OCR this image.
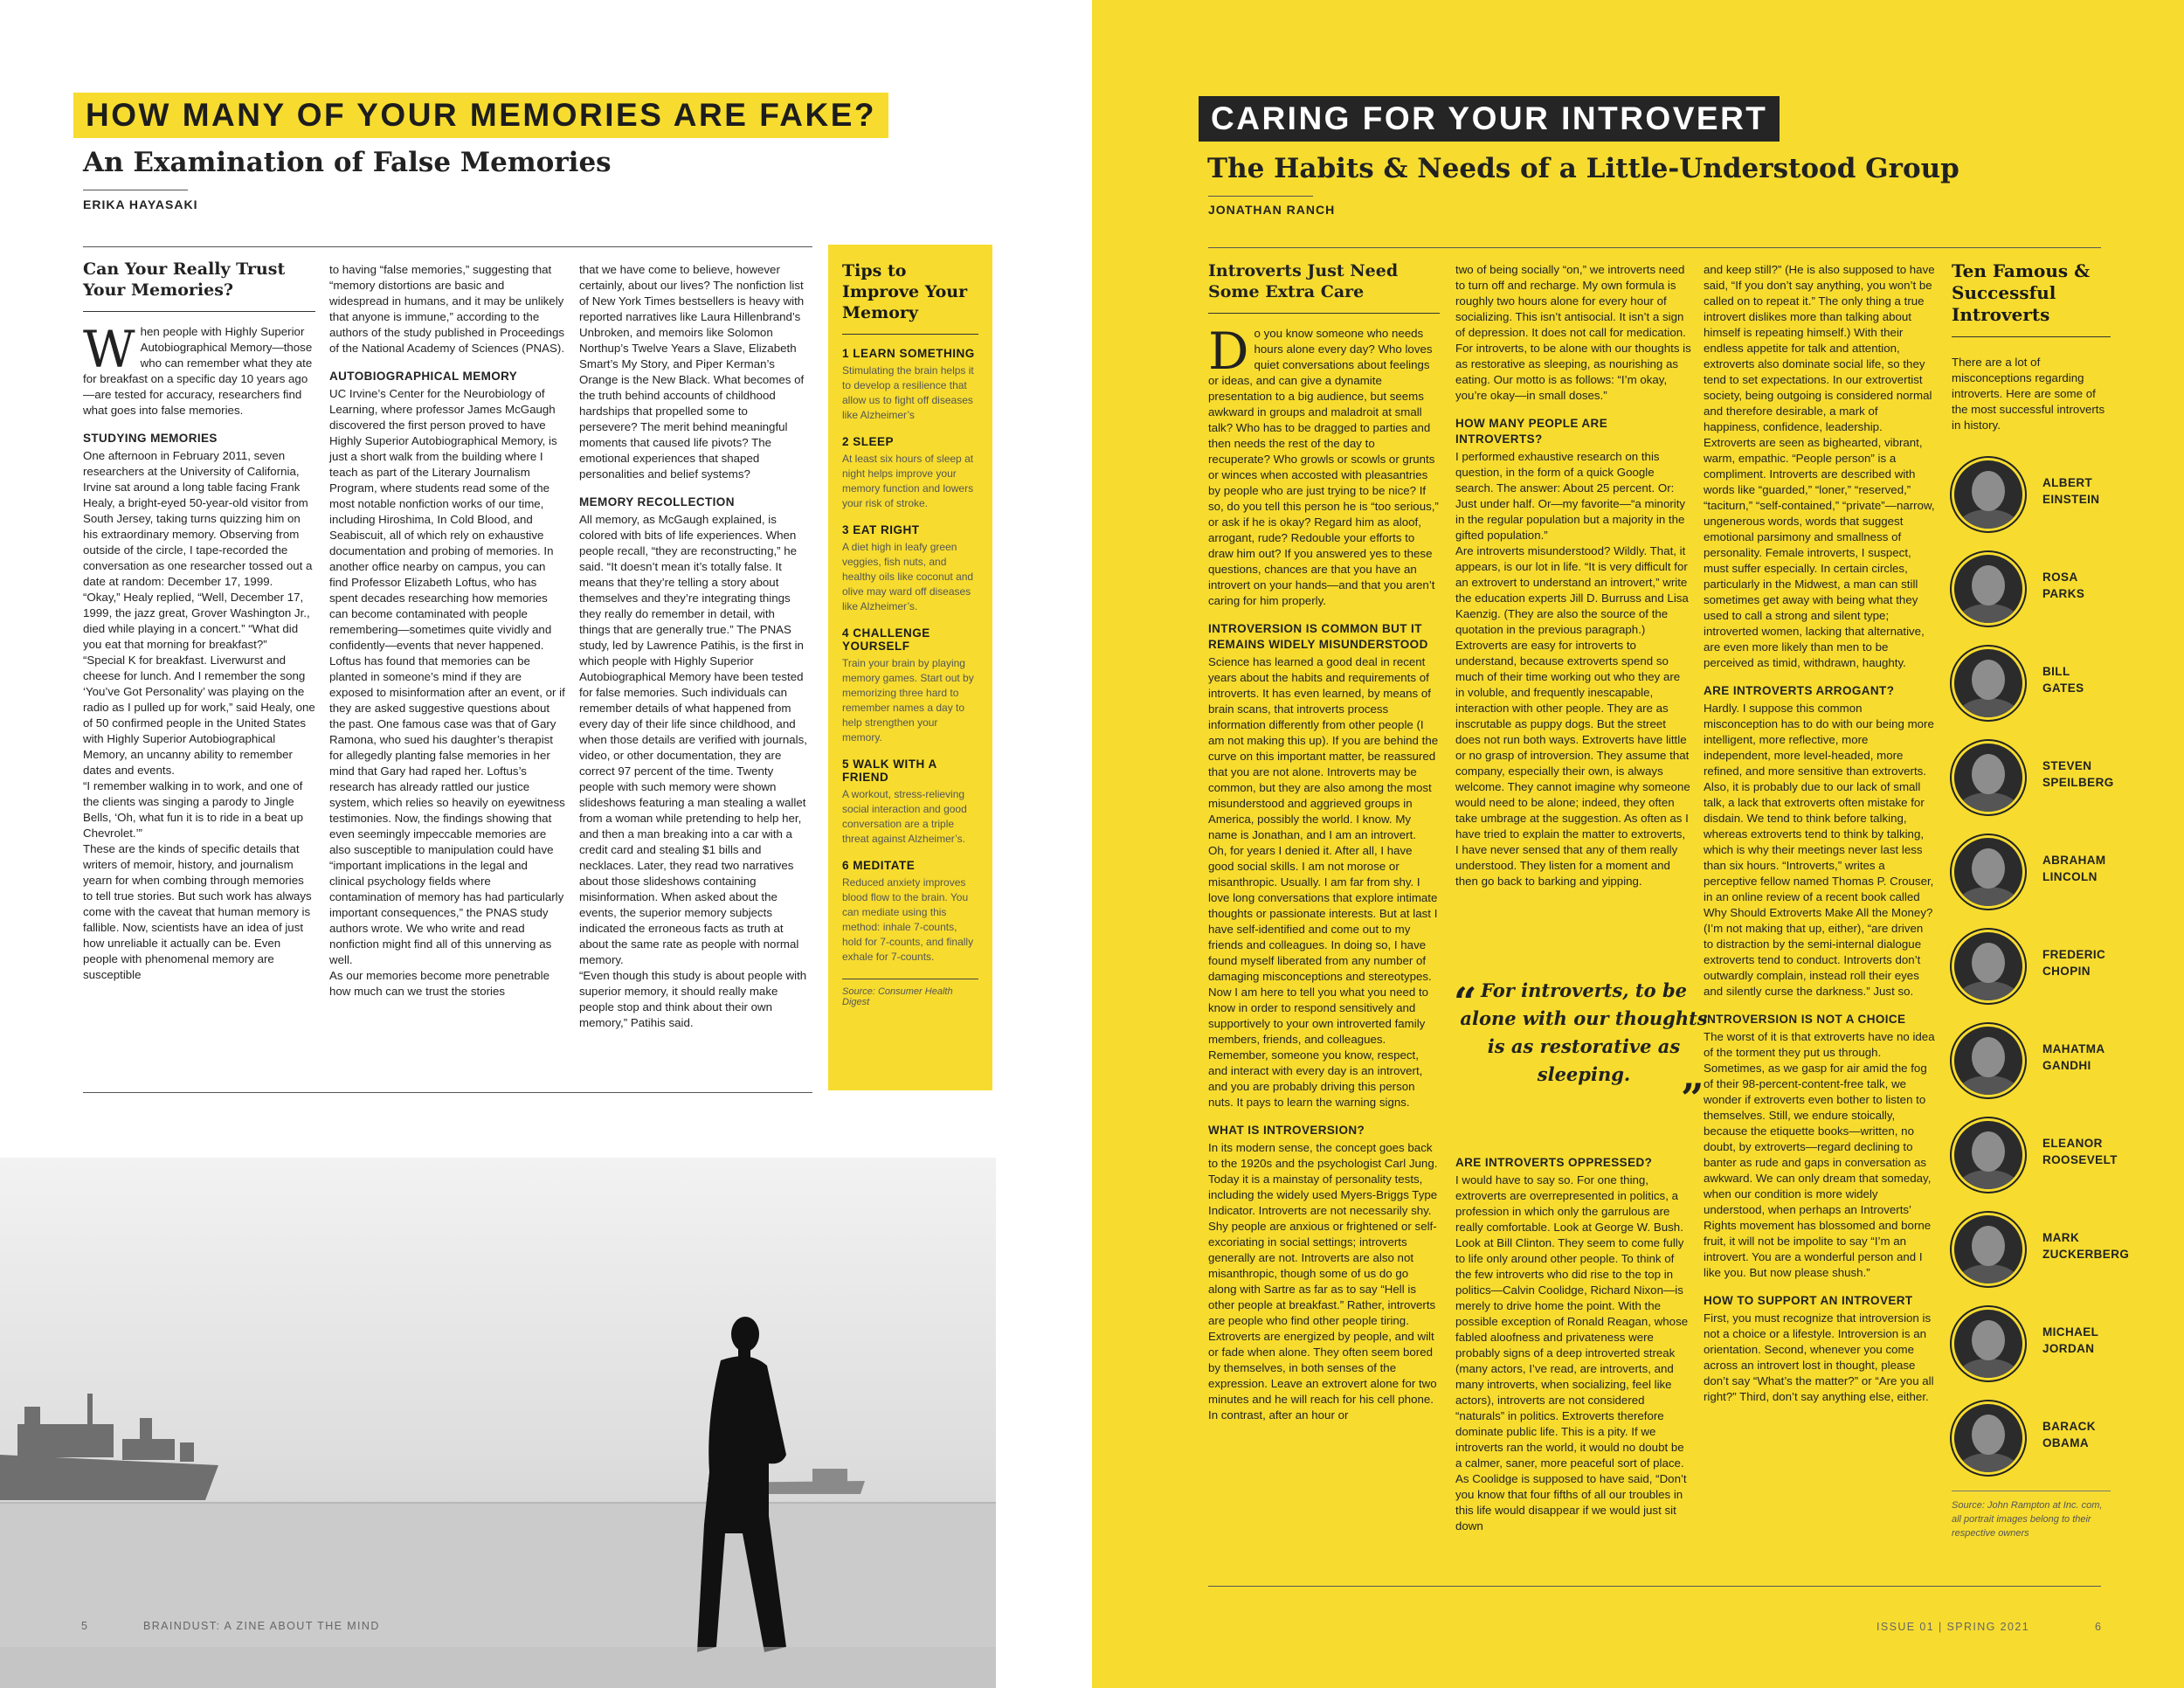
HOW MANY OF YOUR MEMORIES ARE FAKE?
An Examination of False Memories
ERIKA HAYASAKI
Can Your Really Trust Your Memories?

When people with Highly Superior Autobiographical Memory—those who can remember what they ate for breakfast on a specific day 10 years ago—are tested for accuracy, researchers find what goes into false memories.

STUDYING MEMORIES

One afternoon in February 2011, seven researchers at the University of California, Irvine sat around a long table facing Frank Healy, a bright-eyed 50-year-old visitor from South Jersey, taking turns quizzing him on his extraordinary memory. Observing from outside of the circle, I tape-recorded the conversation as one researcher tossed out a date at random: December 17, 1999.

“Okay,” Healy replied, “Well, December 17, 1999, the jazz great, Grover Washington Jr., died while playing in a concert.” “What did you eat that morning for breakfast?”

“Special K for breakfast. Liverwurst and cheese for lunch. And I remember the song ‘You’ve Got Personality’ was playing on the radio as I pulled up for work,” said Healy, one of 50 confirmed people in the United States with Highly Superior Autobiographical Memory, an uncanny ability to remember dates and events.

“I remember walking in to work, and one of the clients was singing a parody to Jingle Bells, ‘Oh, what fun it is to ride in a beat up Chevrolet.’”

These are the kinds of specific details that writers of memoir, history, and journalism yearn for when combing through memories to tell true stories. But such work has always come with the caveat that human memory is fallible. Now, scientists have an idea of just how unreliable it actually can be. Even people with phenomenal memory are susceptible

to having “false memories,” suggesting that “memory distortions are basic and widespread in humans, and it may be unlikely that anyone is immune,” according to the authors of the study published in Proceedings of the National Academy of Sciences (PNAS).

AUTOBIOGRAPHICAL MEMORY

UC Irvine’s Center for the Neurobiology of Learning, where professor James McGaugh discovered the first person proved to have Highly Superior Autobiographical Memory, is just a short walk from the building where I teach as part of the Literary Journalism Program, where students read some of the most notable nonfiction works of our time, including Hiroshima, In Cold Blood, and Seabiscuit, all of which rely on exhaustive documentation and probing of memories. In another office nearby on campus, you can find Professor Elizabeth Loftus, who has spent decades researching how memories can become contaminated with people remembering—sometimes quite vividly and confidently—events that never happened. Loftus has found that memories can be planted in someone’s mind if they are exposed to misinformation after an event, or if they are asked suggestive questions about the past. One famous case was that of Gary Ramona, who sued his daughter’s therapist for allegedly planting false memories in her mind that Gary had raped her. Loftus’s research has already rattled our justice system, which relies so heavily on eyewitness testimonies. Now, the findings showing that even seemingly impeccable memories are also susceptible to manipulation could have “important implications in the legal and clinical psychology fields where contamination of memory has had particularly important consequences,” the PNAS study authors wrote. We who write and read nonfiction might find all of this unnerving as well.

As our memories become more penetrable how much can we trust the stories

that we have come to believe, however certainly, about our lives? The nonfiction list of New York Times bestsellers is heavy with reported narratives like Laura Hillenbrand’s Unbroken, and memoirs like Solomon Northup’s Twelve Years a Slave, Elizabeth Smart’s My Story, and Piper Kerman’s Orange is the New Black. What becomes of the truth behind accounts of childhood hardships that propelled some to persevere? The merit behind meaningful moments that caused life pivots? The emotional experiences that shaped personalities and belief systems?

MEMORY RECOLLECTION

All memory, as McGaugh explained, is colored with bits of life experiences. When people recall, “they are reconstructing,” he said. “It doesn’t mean it’s totally false. It means that they’re telling a story about themselves and they’re integrating things they really do remember in detail, with things that are generally true.” The PNAS study, led by Lawrence Patihis, is the first in which people with Highly Superior Autobiographical Memory have been tested for false memories. Such individuals can remember details of what happened from every day of their life since childhood, and when those details are verified with journals, video, or other documentation, they are correct 97 percent of the time. Twenty people with such memory were shown slideshows featuring a man stealing a wallet from a woman while pretending to help her, and then a man breaking into a car with a credit card and stealing $1 bills and necklaces. Later, they read two narratives about those slideshows containing misinformation. When asked about the events, the superior memory subjects indicated the erroneous facts as truth at about the same rate as people with normal memory.

“Even though this study is about people with superior memory, it should really make people stop and think about their own memory,” Patihis said.

Tips to Improve Your Memory
1 LEARN SOMETHING
Stimulating the brain helps it to develop a resilience that allow us to fight off diseases like Alzheimer’s
2 SLEEP
At least six hours of sleep at night helps improve your memory function and lowers your risk of stroke.
3 EAT RIGHT
A diet high in leafy green veggies, fish nuts, and healthy oils like coconut and olive may ward off diseases like Alzheimer’s.
4 CHALLENGE YOURSELF
Train your brain by playing memory games. Start out by memorizing three hard to remember names a day to help strengthen your memory.
5 WALK WITH A FRIEND
A workout, stress-relieving social interaction and good conversation are a triple threat against Alzheimer’s.
6 MEDITATE
Reduced anxiety improves blood flow to the brain. You can mediate using this method: inhale 7-counts, hold for 7-counts, and finally exhale for 7-counts.
Source: Consumer Health Digest
5	BRAINDUST: A ZINE ABOUT THE MIND
CARING FOR YOUR INTROVERT
The Habits & Needs of a Little-Understood Group
JONATHAN RANCH
Introverts Just Need Some Extra Care

Do you know someone who needs hours alone every day? Who loves quiet conversations about feelings or ideas, and can give a dynamite presentation to a big audience, but seems awkward in groups and maladroit at small talk? Who has to be dragged to parties and then needs the rest of the day to recuperate? Who growls or scowls or grunts or winces when accosted with pleasantries by people who are just trying to be nice? If so, do you tell this person he is “too serious,” or ask if he is okay? Regard him as aloof, arrogant, rude? Redouble your efforts to draw him out? If you answered yes to these questions, chances are that you have an introvert on your hands—and that you aren’t caring for him properly.

INTROVERSION IS COMMON BUT IT REMAINS WIDELY MISUNDERSTOOD

Science has learned a good deal in recent years about the habits and requirements of introverts. It has even learned, by means of brain scans, that introverts process information differently from other people (I am not making this up). If you are behind the curve on this important matter, be reassured that you are not alone. Introverts may be common, but they are also among the most misunderstood and aggrieved groups in America, possibly the world. I know. My name is Jonathan, and I am an introvert.

Oh, for years I denied it. After all, I have good social skills. I am not morose or misanthropic. Usually. I am far from shy. I love long conversations that explore intimate thoughts or passionate interests. But at last I have self-identified and come out to my friends and colleagues. In doing so, I have found myself liberated from any number of damaging misconceptions and stereotypes. Now I am here to tell you what you need to know in order to respond sensitively and supportively to your own introverted family members, friends, and colleagues. Remember, someone you know, respect, and interact with every day is an introvert, and you are probably driving this person nuts. It pays to learn the warning signs.

WHAT IS INTROVERSION?

In its modern sense, the concept goes back to the 1920s and the psychologist Carl Jung. Today it is a mainstay of personality tests, including the widely used Myers-Briggs Type Indicator. Introverts are not necessarily shy. Shy people are anxious or frightened or self-excoriating in social settings; introverts generally are not. Introverts are also not misanthropic, though some of us do go along with Sartre as far as to say “Hell is other people at breakfast.” Rather, introverts are people who find other people tiring. Extroverts are energized by people, and wilt or fade when alone. They often seem bored by themselves, in both senses of the expression. Leave an extrovert alone for two minutes and he will reach for his cell phone. In contrast, after an hour or

two of being socially “on,” we introverts need to turn off and recharge. My own formula is roughly two hours alone for every hour of socializing. This isn’t antisocial. It isn’t a sign of depression. It does not call for medication. For introverts, to be alone with our thoughts is as restorative as sleeping, as nourishing as eating. Our motto is as follows: “I’m okay, you’re okay—in small doses.”

HOW MANY PEOPLE ARE INTROVERTS?

I performed exhaustive research on this question, in the form of a quick Google search. The answer: About 25 percent. Or: Just under half. Or—my favorite—“a minority in the regular population but a majority in the gifted population.”

Are introverts misunderstood? Wildly. That, it appears, is our lot in life. “It is very difficult for an extrovert to understand an introvert,” write the education experts Jill D. Burruss and Lisa Kaenzig. (They are also the source of the quotation in the previous paragraph.) Extroverts are easy for introverts to understand, because extroverts spend so much of their time working out who they are in voluble, and frequently inescapable, interaction with other people. They are as inscrutable as puppy dogs. But the street does not run both ways. Extroverts have little or no grasp of introversion. They assume that company, especially their own, is always welcome. They cannot imagine why someone would need to be alone; indeed, they often take umbrage at the suggestion. As often as I have tried to explain the matter to extroverts, I have never sensed that any of them really understood. They listen for a moment and then go back to barking and yipping.

“ For introverts, to be alone with our thoughts is as restorative as sleeping.
”
ARE INTROVERTS OPPRESSED?

I would have to say so. For one thing, extroverts are overrepresented in politics, a profession in which only the garrulous are really comfortable. Look at George W. Bush. Look at Bill Clinton. They seem to come fully to life only around other people. To think of the few introverts who did rise to the top in politics—Calvin Coolidge, Richard Nixon—is merely to drive home the point. With the possible exception of Ronald Reagan, whose fabled aloofness and privateness were probably signs of a deep introverted streak (many actors, I’ve read, are introverts, and many introverts, when socializing, feel like actors), introverts are not considered “naturals” in politics. Extroverts therefore dominate public life. This is a pity. If we introverts ran the world, it would no doubt be a calmer, saner, more peaceful sort of place. As Coolidge is supposed to have said, “Don’t you know that four fifths of all our troubles in this life would disappear if we would just sit down

and keep still?” (He is also supposed to have said, “If you don’t say anything, you won’t be called on to repeat it.” The only thing a true introvert dislikes more than talking about himself is repeating himself.) With their endless appetite for talk and attention, extroverts also dominate social life, so they tend to set expectations. In our extrovertist society, being outgoing is considered normal and therefore desirable, a mark of happiness, confidence, leadership. Extroverts are seen as bighearted, vibrant, warm, empathic. “People person” is a compliment. Introverts are described with words like “guarded,” “loner,” “reserved,” “taciturn,” “self-contained,” “private”—narrow, ungenerous words, words that suggest emotional parsimony and smallness of personality. Female introverts, I suspect, must suffer especially. In certain circles, particularly in the Midwest, a man can still sometimes get away with being what they used to call a strong and silent type; introverted women, lacking that alternative, are even more likely than men to be perceived as timid, withdrawn, haughty.

ARE INTROVERTS ARROGANT?

Hardly. I suppose this common misconception has to do with our being more intelligent, more reflective, more independent, more level-headed, more refined, and more sensitive than extroverts. Also, it is probably due to our lack of small talk, a lack that extroverts often mistake for disdain. We tend to think before talking, whereas extroverts tend to think by talking, which is why their meetings never last less than six hours. “Introverts,” writes a perceptive fellow named Thomas P. Crouser, in an online review of a recent book called Why Should Extroverts Make All the Money? (I’m not making that up, either), “are driven to distraction by the semi-internal dialogue extroverts tend to conduct. Introverts don’t outwardly complain, instead roll their eyes and silently curse the darkness.” Just so.

INTROVERSION IS NOT A CHOICE

The worst of it is that extroverts have no idea of the torment they put us through. Sometimes, as we gasp for air amid the fog of their 98-percent-content-free talk, we wonder if extroverts even bother to listen to themselves. Still, we endure stoically, because the etiquette books—written, no doubt, by extroverts—regard declining to banter as rude and gaps in conversation as awkward. We can only dream that someday, when our condition is more widely understood, when perhaps an Introverts’ Rights movement has blossomed and borne fruit, it will not be impolite to say “I’m an introvert. You are a wonderful person and I like you. But now please shush.”

HOW TO SUPPORT AN INTROVERT

First, you must recognize that introversion is not a choice or a lifestyle. Introversion is an orientation. Second, whenever you come across an introvert lost in thought, please don’t say “What’s the matter?” or “Are you all right?” Third, don’t say anything else, either.

Ten Famous & Successful Introverts
There are a lot of misconceptions regarding introverts. Here are some of the most successful introverts in history.
ALBERT
EINSTEIN
ROSA
PARKS
BILL
GATES
STEVEN
SPEILBERG
ABRAHAM
LINCOLN
FREDERIC
CHOPIN
MAHATMA
GANDHI
ELEANOR
ROOSEVELT
MARK
ZUCKERBERG
MICHAEL
JORDAN
BARACK
OBAMA
Source: John Rampton at Inc. com, all portrait images belong to their respective owners
ISSUE 01 | SPRING 2021	6
